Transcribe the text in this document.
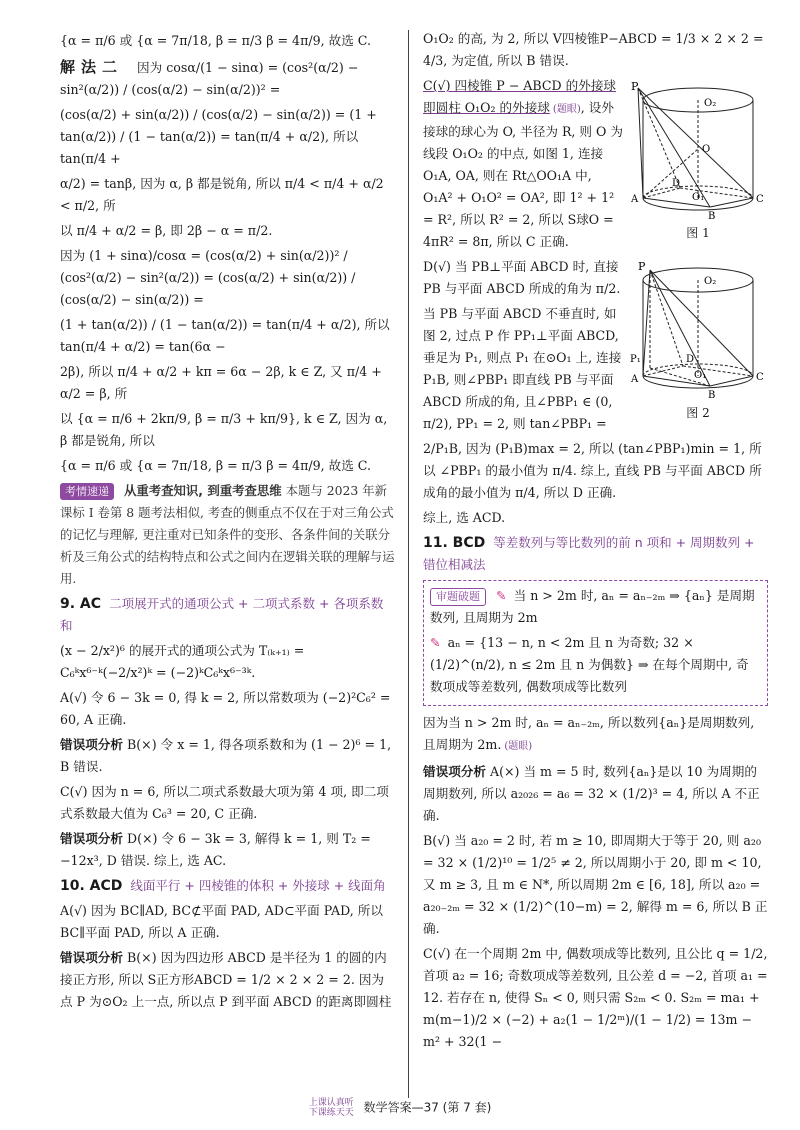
{α = π/6 或 {α = 7π/18, β = π/3 β = 4π/9, 故选 C.

解法二 因为 cosα/(1 − sinα) = (cos²(α/2) − sin²(α/2)) / (cos(α/2) − sin(α/2))² =

(cos(α/2) + sin(α/2)) / (cos(α/2) − sin(α/2)) = (1 + tan(α/2)) / (1 − tan(α/2)) = tan(π/4 + α/2), 所以 tan(π/4 +

α/2) = tanβ, 因为 α, β 都是锐角, 所以 π/4 < π/4 + α/2 < π/2, 所

以 π/4 + α/2 = β, 即 2β − α = π/2.

因为 (1 + sinα)/cosα = (cos(α/2) + sin(α/2))² / (cos²(α/2) − sin²(α/2)) = (cos(α/2) + sin(α/2)) / (cos(α/2) − sin(α/2)) =

(1 + tan(α/2)) / (1 − tan(α/2)) = tan(π/4 + α/2), 所以 tan(π/4 + α/2) = tan(6α −

2β), 所以 π/4 + α/2 + kπ = 6α − 2β, k ∈ Z, 又 π/4 + α/2 = β, 所

以 {α = π/6 + 2kπ/9, β = π/3 + kπ/9}, k ∈ Z, 因为 α, β 都是锐角, 所以

{α = π/6 或 {α = 7π/18, β = π/3 β = 4π/9, 故选 C.

考情速递 从重考查知识, 到重考查思维 本题与 2023 年新课标 I 卷第 8 题考法相似, 考查的侧重点不仅在于对三角公式的记忆与理解, 更注重对已知条件的变形、各条件间的关联分析及三角公式的结构特点和公式之间内在逻辑关联的理解与运用.

9. AC 二项展开式的通项公式 + 二项式系数 + 各项系数和

(x − 2/x²)⁶ 的展开式的通项公式为 T₍ₖ₊₁₎ = C₆ᵏx⁶⁻ᵏ(−2/x²)ᵏ = (−2)ᵏC₆ᵏx⁶⁻³ᵏ.

A(√) 令 6 − 3k = 0, 得 k = 2, 所以常数项为 (−2)²C₆² = 60, A 正确.

错误项分析 B(×) 令 x = 1, 得各项系数和为 (1 − 2)⁶ = 1, B 错误.

C(√) 因为 n = 6, 所以二项式系数最大项为第 4 项, 即二项式系数最大值为 C₆³ = 20, C 正确.

错误项分析 D(×) 令 6 − 3k = 3, 解得 k = 1, 则 T₂ = −12x³, D 错误. 综上, 选 AC.

10. ACD 线面平行 + 四棱锥的体积 + 外接球 + 线面角

A(√) 因为 BC∥AD, BC⊄平面 PAD, AD⊂平面 PAD, 所以 BC∥平面 PAD, 所以 A 正确.

错误项分析 B(×) 因为四边形 ABCD 是半径为 1 的圆的内接正方形, 所以 S正方形ABCD = 1/2 × 2 × 2 = 2. 因为点 P 为⊙O₂ 上一点, 所以点 P 到平面 ABCD 的距离即圆柱

O₁O₂ 的高, 为 2, 所以 V四棱锥P−ABCD = 1/3 × 2 × 2 = 4/3, 为定值, 所以 B 错误.

C(√) 四棱锥 P − ABCD 的外接球即圆柱 O₁O₂ 的外接球 (题眼), 设外接球的球心为 O, 半径为 R, 则 O 为线段 O₁O₂ 的中点, 如图 1, 连接 O₁A, OA, 则在 Rt△OO₁A 中, O₁A² + O₁O² = OA², 即 1² + 1² = R², 所以 R² = 2, 所以 S球O = 4πR² = 8π, 所以 C 正确.

D(√) 当 PB⊥平面 ABCD 时, 直接 PB 与平面 ABCD 所成的角为 π/2.

当 PB 与平面 ABCD 不垂直时, 如图 2, 过点 P 作 PP₁⊥平面 ABCD, 垂足为 P₁, 则点 P₁ 在⊙O₁ 上, 连接 P₁B, 则∠PBP₁ 即直线 PB 与平面 ABCD 所成的角, 且∠PBP₁ ∈ (0, π/2), PP₁ = 2, 则 tan∠PBP₁ =

2/P₁B, 因为 (P₁B)max = 2, 所以 (tan∠PBP₁)min = 1, 所以 ∠PBP₁ 的最小值为 π/4. 综上, 直线 PB 与平面 ABCD 所成角的最小值为 π/4, 所以 D 正确.

综上, 选 ACD.

11. BCD 等差数列与等比数列的前 n 项和 + 周期数列 + 错位相减法

审题破题 ✎ 当 n > 2m 时, aₙ = aₙ₋₂ₘ ⇒ {aₙ} 是周期数列, 且周期为 2m

✎ aₙ = {13 − n, n < 2m 且 n 为奇数; 32 × (1/2)^(n/2), n ≤ 2m 且 n 为偶数} ⇒ 在每个周期中, 奇数项成等差数列, 偶数项成等比数列

因为当 n > 2m 时, aₙ = aₙ₋₂ₘ, 所以数列{aₙ}是周期数列, 且周期为 2m. (题眼)

错误项分析 A(×) 当 m = 5 时, 数列{aₙ}是以 10 为周期的周期数列, 所以 a₂₀₂₆ = a₆ = 32 × (1/2)³ = 4, 所以 A 不正确.

B(√) 当 a₂₀ = 2 时, 若 m ≥ 10, 即周期大于等于 20, 则 a₂₀ = 32 × (1/2)¹⁰ = 1/2⁵ ≠ 2, 所以周期小于 20, 即 m < 10, 又 m ≥ 3, 且 m ∈ N*, 所以周期 2m ∈ [6, 18], 所以 a₂₀ = a₂₀₋₂ₘ = 32 × (1/2)^(10−m) = 2, 解得 m = 6, 所以 B 正确.

C(√) 在一个周期 2m 中, 偶数项成等比数列, 且公比 q = 1/2, 首项 a₂ = 16; 奇数项成等差数列, 且公差 d = −2, 首项 a₁ = 12. 若存在 n, 使得 Sₙ < 0, 则只需 S₂ₘ < 0. S₂ₘ = ma₁ + m(m−1)/2 × (−2) + a₂(1 − 1/2ᵐ)/(1 − 1/2) = 13m − m² + 32(1 −

P
O₂
O
D
O₁
A
B
C
图 1
P
O₂
P₁	D
O₁
A
B
C
图 2
上课认真听
下课练天天 数学答案—37 (第 7 套)
